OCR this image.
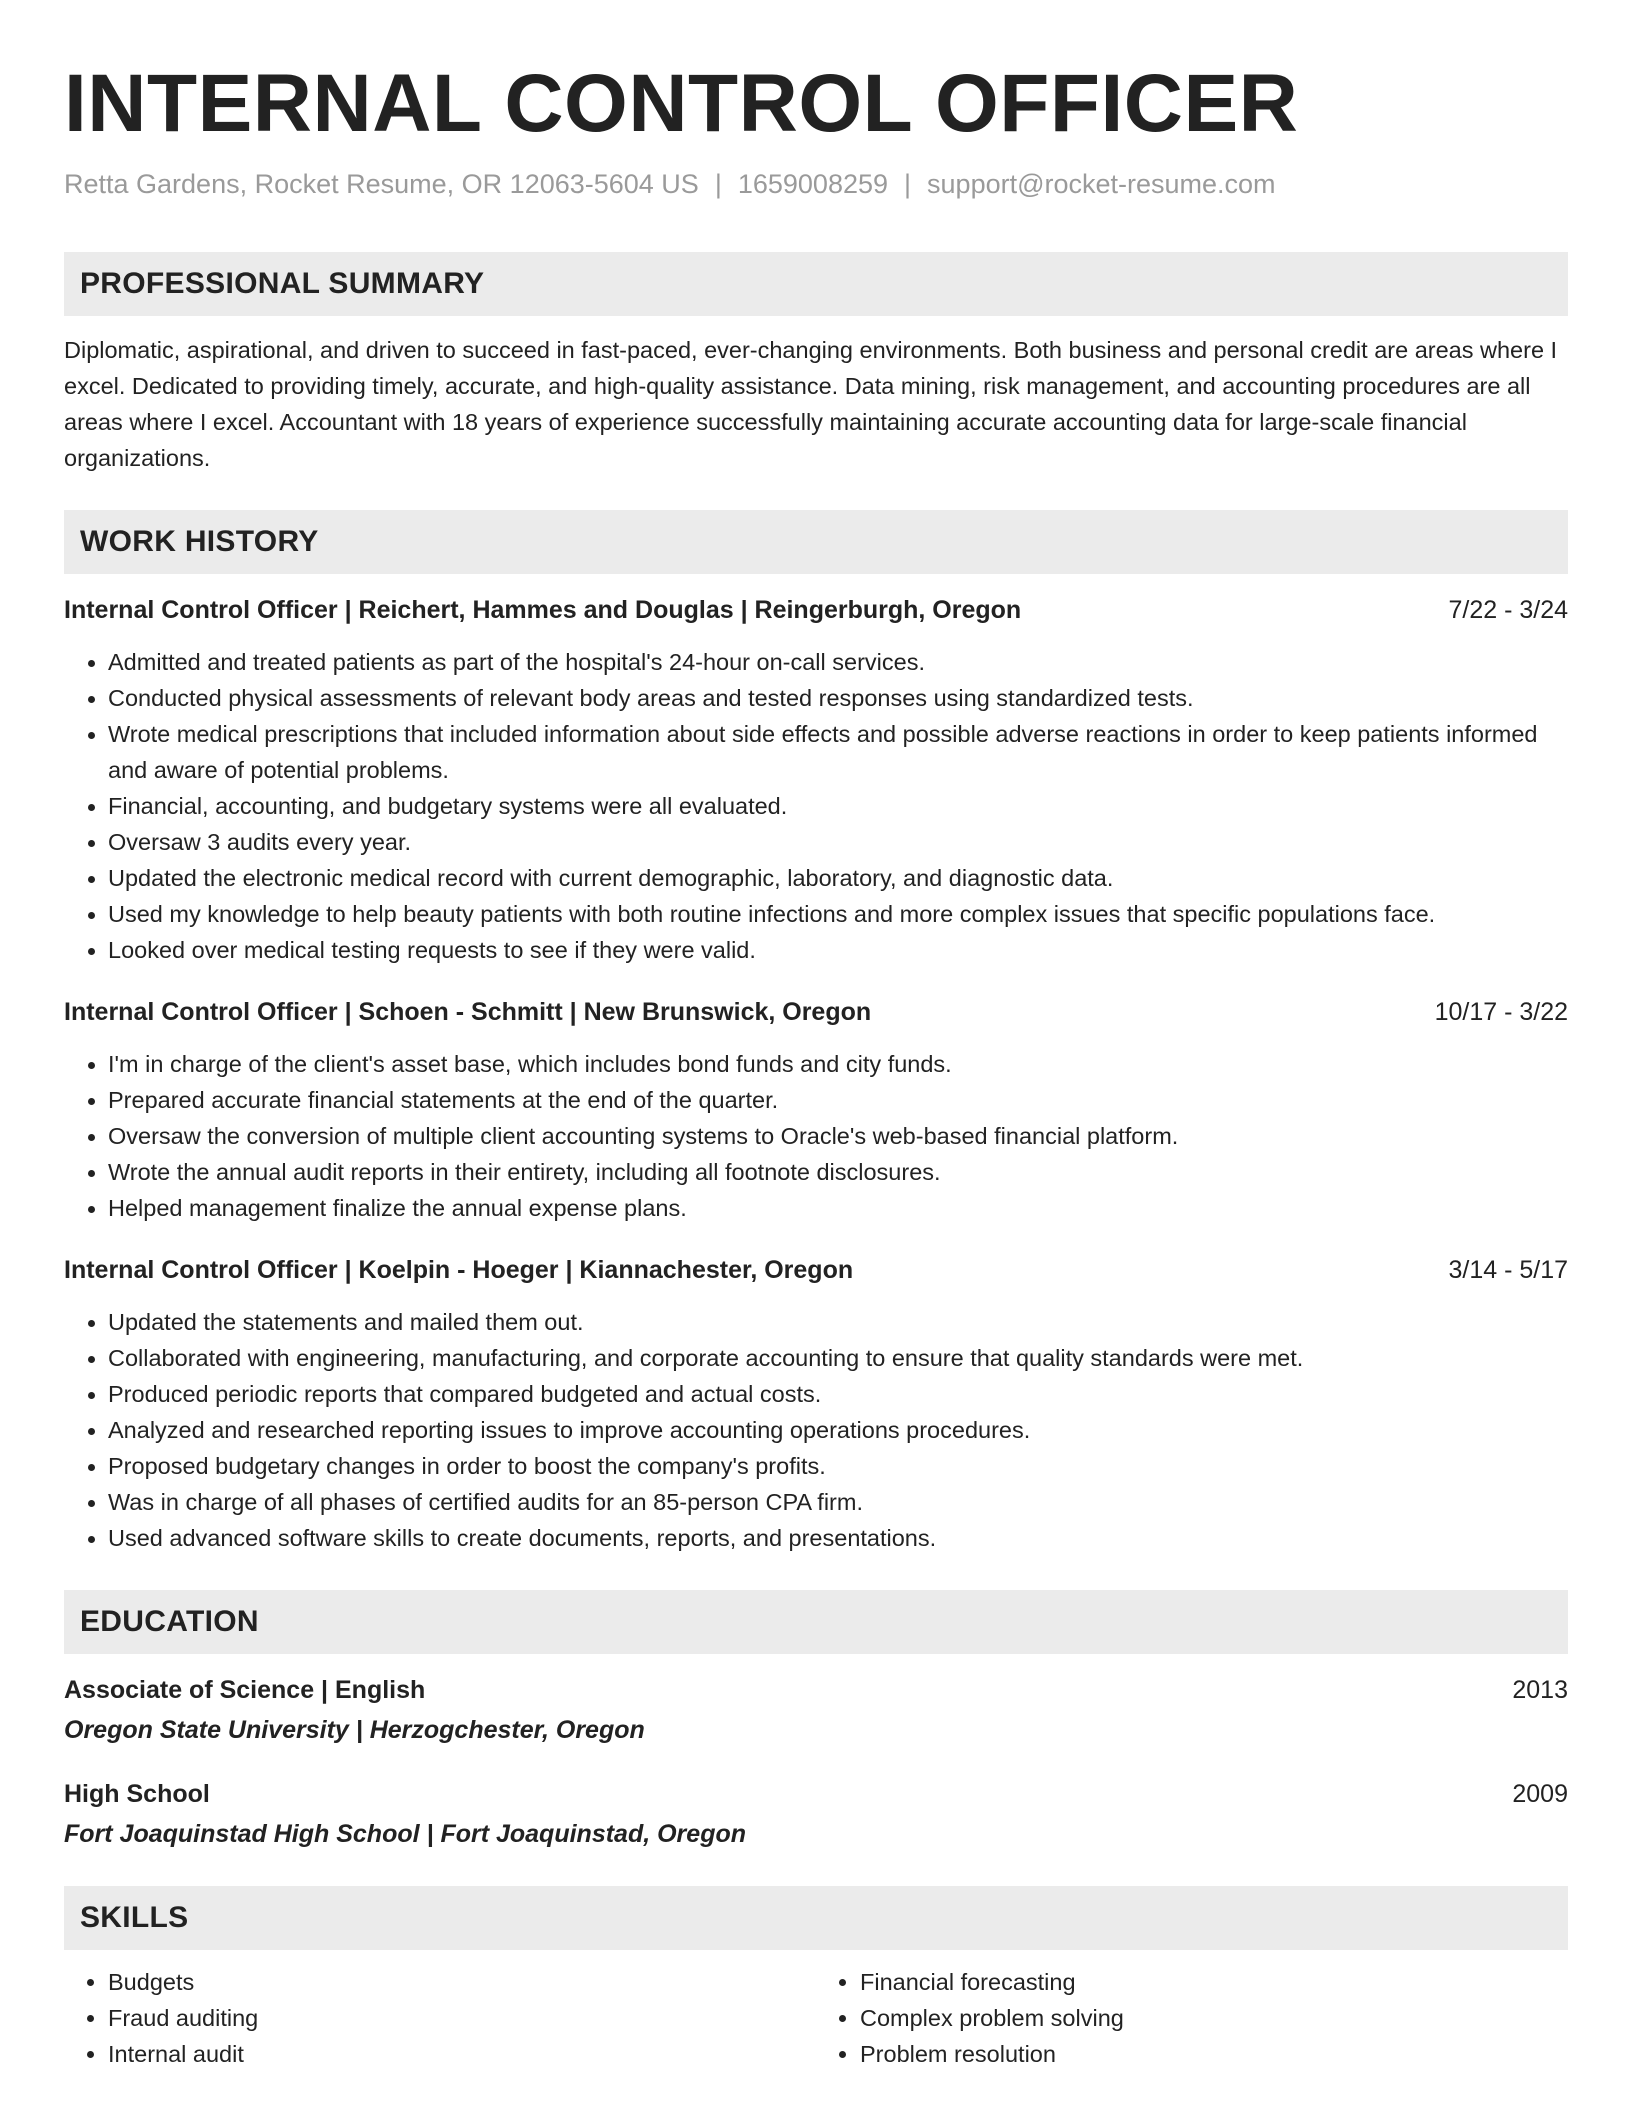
INTERNAL CONTROL OFFICER
Retta Gardens, Rocket Resume, OR 12063-5604 US | 1659008259 | support@rocket-resume.com
PROFESSIONAL SUMMARY

Diplomatic, aspirational, and driven to succeed in fast-paced, ever-changing environments. Both business and personal credit are areas where I excel. Dedicated to providing timely, accurate, and high-quality assistance. Data mining, risk management, and accounting procedures are all areas where I excel. Accountant with 18 years of experience successfully maintaining accurate accounting data for large-scale financial organizations.

WORK HISTORY
Internal Control Officer | Reichert, Hammes and Douglas | Reingerburgh, Oregon	7/22 - 3/24
• Admitted and treated patients as part of the hospital's 24-hour on-call services.
• Conducted physical assessments of relevant body areas and tested responses using standardized tests.
• Wrote medical prescriptions that included information about side effects and possible adverse reactions in order to keep patients informed and aware of potential problems.
• Financial, accounting, and budgetary systems were all evaluated.
• Oversaw 3 audits every year.
• Updated the electronic medical record with current demographic, laboratory, and diagnostic data.
• Used my knowledge to help beauty patients with both routine infections and more complex issues that specific populations face.
• Looked over medical testing requests to see if they were valid.
Internal Control Officer | Schoen - Schmitt | New Brunswick, Oregon	10/17 - 3/22
• I'm in charge of the client's asset base, which includes bond funds and city funds.
• Prepared accurate financial statements at the end of the quarter.
• Oversaw the conversion of multiple client accounting systems to Oracle's web-based financial platform.
• Wrote the annual audit reports in their entirety, including all footnote disclosures.
• Helped management finalize the annual expense plans.
Internal Control Officer | Koelpin - Hoeger | Kiannachester, Oregon	3/14 - 5/17
• Updated the statements and mailed them out.
• Collaborated with engineering, manufacturing, and corporate accounting to ensure that quality standards were met.
• Produced periodic reports that compared budgeted and actual costs.
• Analyzed and researched reporting issues to improve accounting operations procedures.
• Proposed budgetary changes in order to boost the company's profits.
• Was in charge of all phases of certified audits for an 85-person CPA firm.
• Used advanced software skills to create documents, reports, and presentations.
EDUCATION
Associate of Science | English	2013
Oregon State University | Herzogchester, Oregon
High School	2009
Fort Joaquinstad High School | Fort Joaquinstad, Oregon
SKILLS
• Budgets
• Fraud auditing
• Internal audit
• Financial forecasting
• Complex problem solving
• Problem resolution
